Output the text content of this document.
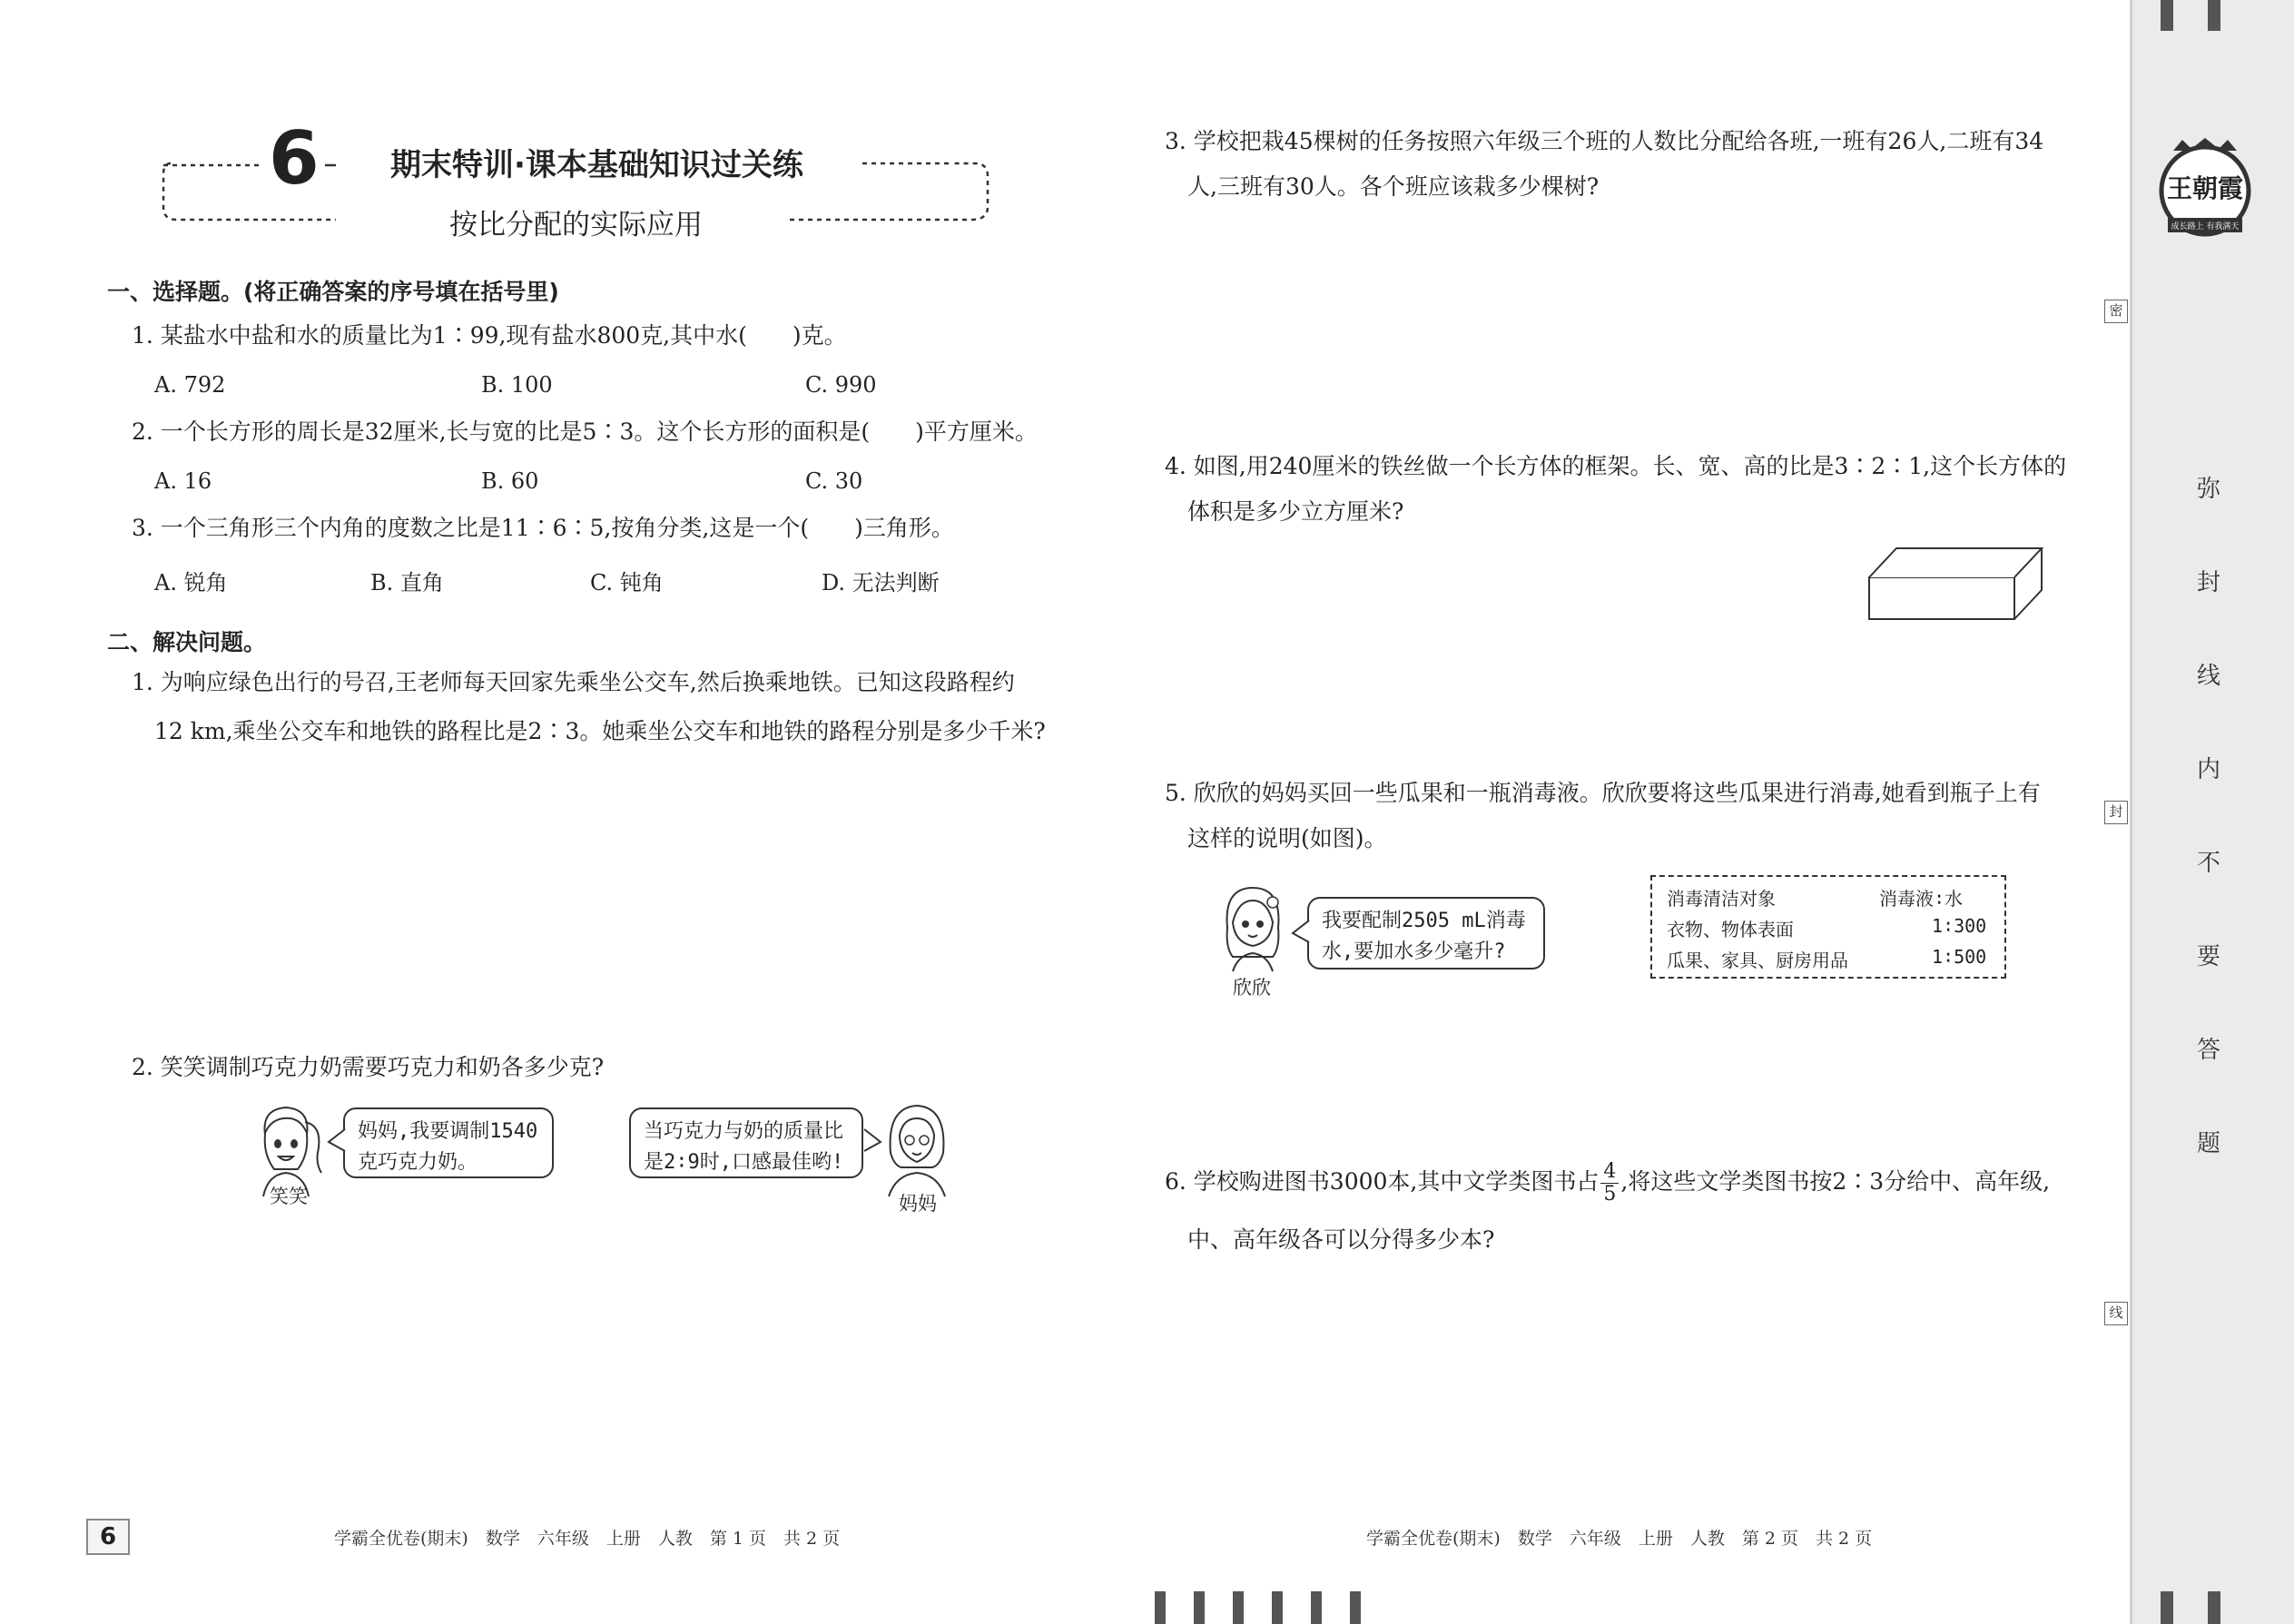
6 期末特训·课本基础知识过关练
按比分配的实际应用
一、选择题。(将正确答案的序号填在括号里)
1. 某盐水中盐和水的质量比为1∶99,现有盐水800克,其中水(　　)克。
A. 792	B. 100	C. 990
2. 一个长方形的周长是32厘米,长与宽的比是5∶3。这个长方形的面积是(　　)平方厘米。
A. 16	B. 60	C. 30
3. 一个三角形三个内角的度数之比是11∶6∶5,按角分类,这是一个(　　)三角形。
A. 锐角	B. 直角	C. 钝角	D. 无法判断
二、解决问题。
1. 为响应绿色出行的号召,王老师每天回家先乘坐公交车,然后换乘地铁。已知这段路程约
12 km,乘坐公交车和地铁的路程比是2∶3。她乘坐公交车和地铁的路程分别是多少千米?
2. 笑笑调制巧克力奶需要巧克力和奶各多少克?
笑笑
妈妈,我要调制1540
克巧克力奶。
当巧克力与奶的质量比
是2∶9时,口感最佳哟!
妈妈
6	学霸全优卷(期末)　数学　六年级　上册　人教　第 1 页　共 2 页
3. 学校把栽45棵树的任务按照六年级三个班的人数比分配给各班,一班有26人,二班有34
人,三班有30人。各个班应该栽多少棵树?
4. 如图,用240厘米的铁丝做一个长方体的框架。长、宽、高的比是3∶2∶1,这个长方体的
体积是多少立方厘米?
5. 欣欣的妈妈买回一些瓜果和一瓶消毒液。欣欣要将这些瓜果进行消毒,她看到瓶子上有
这样的说明(如图)。
欣欣
我要配制2505 mL消毒
水,要加水多少毫升?
消毒清洁对象	消毒液∶水
衣物、物体表面	1∶300
瓜果、家具、厨房用品	1∶500
6. 学校购进图书3000本,其中文学类图书占 $\frac{4}{5}$ ,将这些文学类图书按2∶3分给中、高年级,
中、高年级各可以分得多少本?
学霸全优卷(期末)　数学　六年级　上册　人教　第 2 页　共 2 页
王朝霞
成长路上 有我满天
密
封
线
弥
封
线
内
不
要
答
题
